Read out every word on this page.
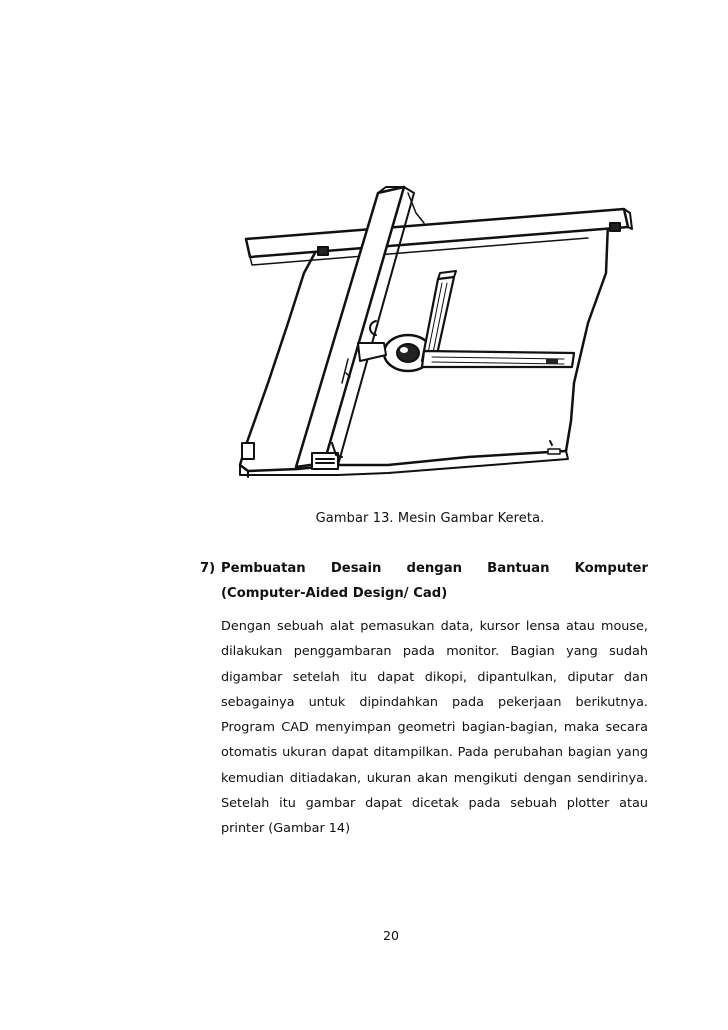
Gambar 13. Mesin Gambar Kereta.
7) Pembuatan Desain dengan Bantuan Komputer (Computer-Aided Design/ Cad)
Dengan sebuah alat pemasukan data, kursor lensa atau mouse, dilakukan penggambaran pada monitor. Bagian yang sudah digambar setelah itu dapat dikopi, dipantulkan, diputar dan sebagainya untuk dipindahkan pada pekerjaan berikutnya. Program CAD menyimpan geometri bagian-bagian, maka secara otomatis ukuran dapat ditampilkan. Pada perubahan bagian yang kemudian ditiadakan, ukuran akan mengikuti dengan sendirinya. Setelah itu gambar dapat dicetak pada sebuah plotter atau printer (Gambar 14)
20
